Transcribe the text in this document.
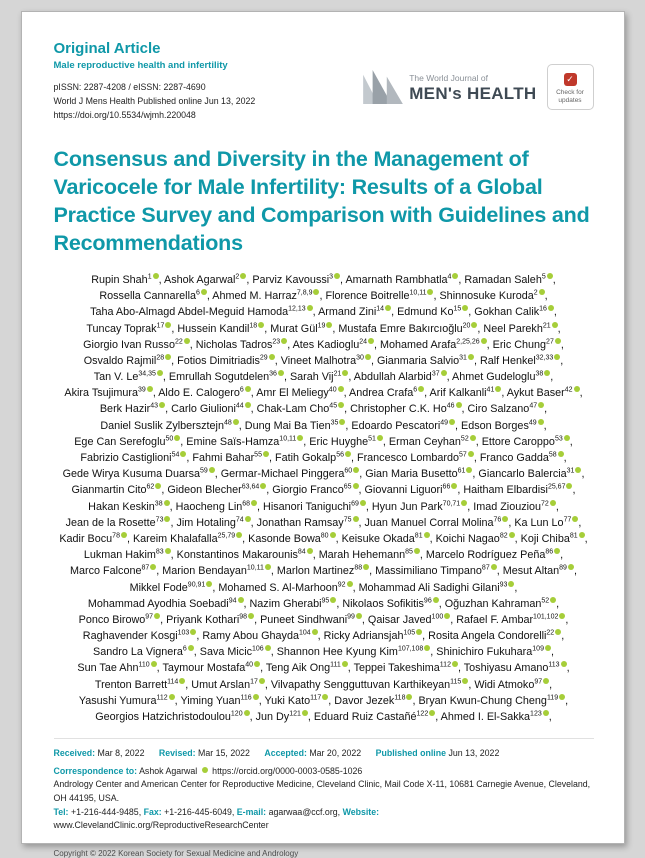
Original Article
Male reproductive health and infertility
pISSN: 2287-4208 / eISSN: 2287-4690
World J Mens Health Published online Jun 13, 2022
https://doi.org/10.5534/wjmh.220048
The World Journal of
MEN's HEALTH
✓
Check for updates
Consensus and Diversity in the Management of Varicocele for Male Infertility: Results of a Global Practice Survey and Comparison with Guidelines and Recommendations

Rupin Shah$^1$ , Ashok Agarwal$^2$ , Parviz Kavoussi$^3$ , Amarnath Rambhatla$^4$ , Ramadan Saleh$^5$ , Rossella Cannarella$^6$ , Ahmed M. Harraz$^{7,8,9}$ , Florence Boitrelle$^{10,11}$ , Shinnosuke Kuroda$^2$ , Taha Abo-Almagd Abdel-Meguid Hamoda$^{12,13}$ , Armand Zini$^{14}$ , Edmund Ko$^{15}$ , Gokhan Calik$^{16}$ , Tuncay Toprak$^{17}$ , Hussein Kandil$^{18}$ , Murat Gül$^{19}$ , Mustafa Emre Bakırcıoğlu$^{20}$ , Neel Parekh$^{21}$ , Giorgio Ivan Russo$^{22}$ , Nicholas Tadros$^{23}$ , Ates Kadioglu$^{24}$ , Mohamed Arafa$^{2,25,26}$ , Eric Chung$^{27}$ , Osvaldo Rajmil$^{28}$ , Fotios Dimitriadis$^{29}$ , Vineet Malhotra$^{30}$ , Gianmaria Salvio$^{31}$ , Ralf Henkel$^{32,33}$ , Tan V. Le$^{34,35}$ , Emrullah Sogutdelen$^{36}$ , Sarah Vij$^{21}$ , Abdullah Alarbid$^{37}$ , Ahmet Gudeloglu$^{38}$ , Akira Tsujimura$^{39}$ , Aldo E. Calogero$^6$ , Amr El Meliegy$^{40}$ , Andrea Crafa$^6$ , Arif Kalkanli$^{41}$ , Aykut Baser$^{42}$ , Berk Hazir$^{43}$ , Carlo Giulioni$^{44}$ , Chak-Lam Cho$^{45}$ , Christopher C.K. Ho$^{46}$ , Ciro Salzano$^{47}$ , Daniel Suslik Zylbersztejn$^{48}$ , Dung Mai Ba Tien$^{35}$ , Edoardo Pescatori$^{49}$ , Edson Borges$^{49}$ , Ege Can Serefoglu$^{50}$ , Emine Saïs-Hamza$^{10,11}$ , Eric Huyghe$^{51}$ , Erman Ceyhan$^{52}$ , Ettore Caroppo$^{53}$ , Fabrizio Castiglioni$^{54}$ , Fahmi Bahar$^{55}$ , Fatih Gokalp$^{56}$ , Francesco Lombardo$^{57}$ , Franco Gadda$^{58}$ , Gede Wirya Kusuma Duarsa$^{59}$ , Germar-Michael Pinggera$^{60}$ , Gian Maria Busetto$^{61}$ , Giancarlo Balercia$^{31}$ , Gianmartin Cito$^{62}$ , Gideon Blecher$^{63,64}$ , Giorgio Franco$^{65}$ , Giovanni Liguori$^{66}$ , Haitham Elbardisi$^{25,67}$ , Hakan Keskin$^{38}$ , Haocheng Lin$^{68}$ , Hisanori Taniguchi$^{69}$ , Hyun Jun Park$^{70,71}$ , Imad Ziouziou$^{72}$ , Jean de la Rosette$^{73}$ , Jim Hotaling$^{74}$ , Jonathan Ramsay$^{75}$ , Juan Manuel Corral Molina$^{76}$ , Ka Lun Lo$^{77}$ , Kadir Bocu$^{78}$ , Kareim Khalafalla$^{25,79}$ , Kasonde Bowa$^{80}$ , Keisuke Okada$^{81}$ , Koichi Nagao$^{82}$ , Koji Chiba$^{81}$ , Lukman Hakim$^{83}$ , Konstantinos Makarounis$^{84}$ , Marah Hehemann$^{85}$ , Marcelo Rodríguez Peña$^{86}$ , Marco Falcone$^{87}$ , Marion Bendayan$^{10,11}$ , Marlon Martinez$^{88}$ , Massimiliano Timpano$^{87}$ , Mesut Altan$^{89}$ , Mikkel Fode$^{90,91}$ , Mohamed S. Al-Marhoon$^{92}$ , Mohammad Ali Sadighi Gilani$^{93}$ , Mohammad Ayodhia Soebadi$^{94}$ , Nazim Gherabi$^{95}$ , Nikolaos Sofikitis$^{96}$ , Oğuzhan Kahraman$^{52}$ , Ponco Birowo$^{97}$ , Priyank Kothari$^{98}$ , Puneet Sindhwani$^{99}$ , Qaisar Javed$^{100}$ , Rafael F. Ambar$^{101,102}$ , Raghavender Kosgi$^{103}$ , Ramy Abou Ghayda$^{104}$ , Ricky Adriansjah$^{105}$ , Rosita Angela Condorelli$^{22}$ , Sandro La Vignera$^6$ , Sava Micic$^{106}$ , Shannon Hee Kyung Kim$^{107,108}$ , Shinichiro Fukuhara$^{109}$ , Sun Tae Ahn$^{110}$ , Taymour Mostafa$^{40}$ , Teng Aik Ong$^{111}$ , Teppei Takeshima$^{112}$ , Toshiyasu Amano$^{113}$ , Trenton Barrett$^{114}$ , Umut Arslan$^{17}$ , Vilvapathy Sengguttuvan Karthikeyan$^{115}$ , Widi Atmoko$^{97}$ , Yasushi Yumura$^{112}$ , Yiming Yuan$^{116}$ , Yuki Kato$^{117}$ , Davor Jezek$^{118}$ , Bryan Kwun-Chung Cheng$^{119}$ , Georgios Hatzichristodoulou$^{120}$ , Jun Dy$^{121}$ , Eduard Ruiz Castañé$^{122}$ , Ahmed I. El-Sakka$^{123}$ ,

Received: Mar 8, 2022 Revised: Mar 15, 2022 Accepted: Mar 20, 2022 Published online Jun 13, 2022
Correspondence to: Ashok Agarwal https://orcid.org/0000-0003-0585-1026
Andrology Center and American Center for Reproductive Medicine, Cleveland Clinic, Mail Code X-11, 10681 Carnegie Avenue, Cleveland, OH 44195, USA.
Tel: +1-216-444-9485, Fax: +1-216-445-6049, E-mail: agarwaa@ccf.org, Website: www.ClevelandClinic.org/ReproductiveResearchCenter
Copyright © 2022 Korean Society for Sexual Medicine and Andrology
